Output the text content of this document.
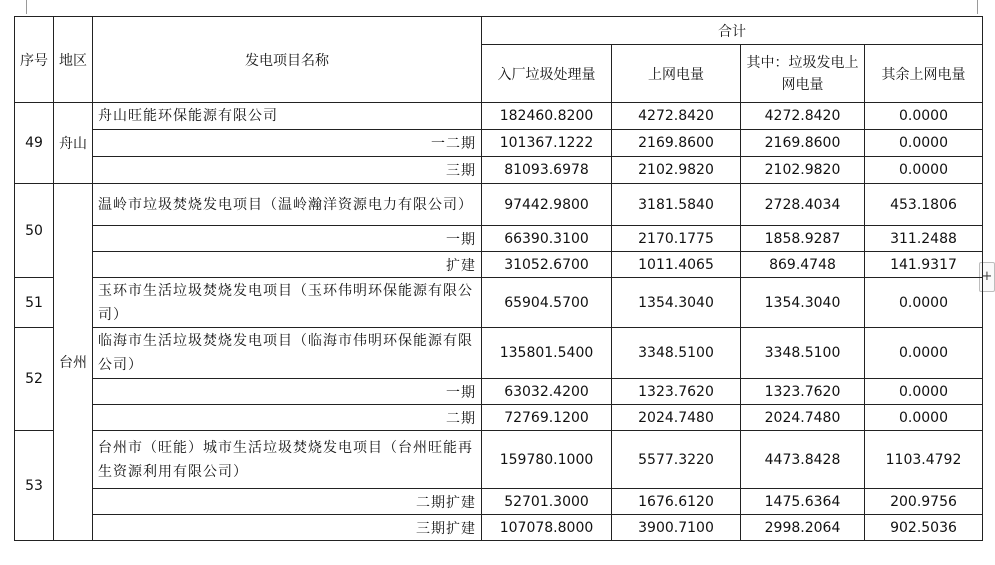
+
序号	地区	发电项目名称	合计			
			入厂垃圾处理量	上网电量	其中：垃圾发电上网电量	其余上网电量
49	舟山	舟山旺能环保能源有限公司	182460.8200	4272.8420	4272.8420	0.0000
		一二期	101367.1222	2169.8600	2169.8600	0.0000
		三期	81093.6978	2102.9820	2102.9820	0.0000
50	台州	温岭市垃圾焚烧发电项目（温岭瀚洋资源电力有限公司）	97442.9800	3181.5840	2728.4034	453.1806
		一期	66390.3100	2170.1775	1858.9287	311.2488
		扩建	31052.6700	1011.4065	869.4748	141.9317
51		玉环市生活垃圾焚烧发电项目（玉环伟明环保能源有限公司）	65904.5700	1354.3040	1354.3040	0.0000
52		临海市生活垃圾焚烧发电项目（临海市伟明环保能源有限公司）	135801.5400	3348.5100	3348.5100	0.0000
		一期	63032.4200	1323.7620	1323.7620	0.0000
		二期	72769.1200	2024.7480	2024.7480	0.0000
53		台州市（旺能）城市生活垃圾焚烧发电项目（台州旺能再生资源利用有限公司）	159780.1000	5577.3220	4473.8428	1103.4792
		二期扩建	52701.3000	1676.6120	1475.6364	200.9756
		三期扩建	107078.8000	3900.7100	2998.2064	902.5036
